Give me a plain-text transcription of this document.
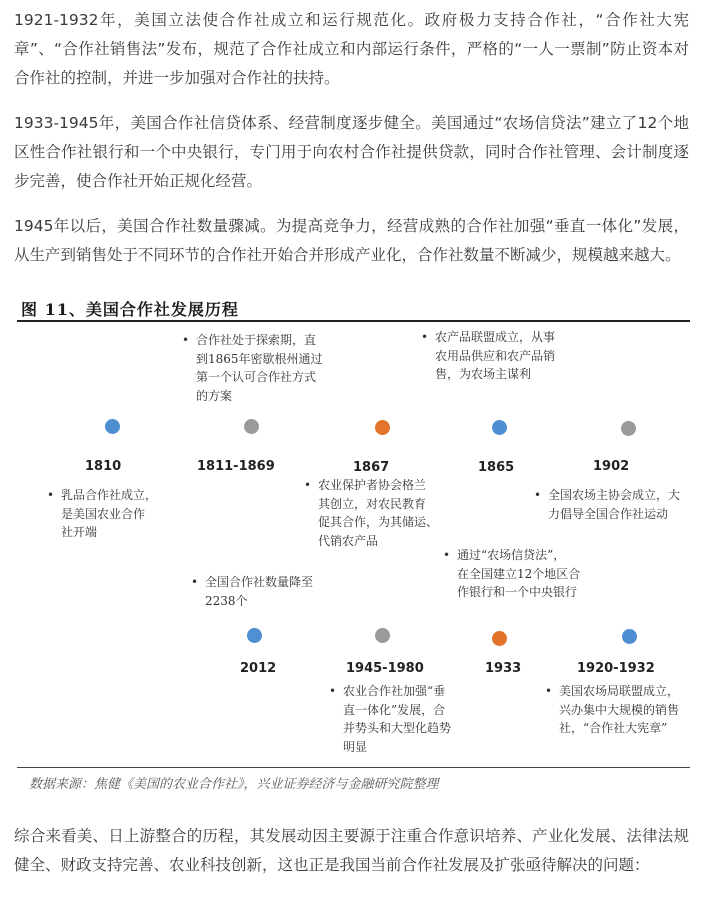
1921-1932年，美国立法使合作社成立和运行规范化。政府极力支持合作社，“合作社大宪章”、“合作社销售法”发布，规范了合作社成立和内部运行条件，严格的“一人一票制”防止资本对合作社的控制，并进一步加强对合作社的扶持。

1933-1945年，美国合作社信贷体系、经营制度逐步健全。美国通过“农场信贷法”建立了12个地区性合作社银行和一个中央银行，专门用于向农村合作社提供贷款，同时合作社管理、会计制度逐步完善，使合作社开始正规化经营。

1945年以后，美国合作社数量骤减。为提高竞争力，经营成熟的合作社加强“垂直一体化”发展，从生产到销售处于不同环节的合作社开始合并形成产业化，合作社数量不断减少，规模越来越大。

图 11、美国合作社发展历程
• 合作社处于探索期，直
到1865年密歇根州通过
第一个认可合作社方式
的方案
• 农产品联盟成立，从事
农用品供应和农产品销
售，为农场主谋利
1810	1811-1869	1867	1865	1902
• 乳品合作社成立，
是美国农业合作
社开端
• 农业保护者协会格兰
其创立，对农民教育
促其合作，为其储运、
代销农产品
• 全国农场主协会成立，大
力倡导全国合作社运动
• 通过“农场信贷法”，
在全国建立12个地区合
作银行和一个中央银行
• 全国合作社数量降至
2238个
2012	1945-1980	1933	1920-1932
• 农业合作社加强“垂
直一体化”发展，合
并势头和大型化趋势
明显
• 美国农场局联盟成立，
兴办集中大规模的销售
社，“合作社大宪章”
数据来源：焦健《美国的农业合作社》，兴业证券经济与金融研究院整理

综合来看美、日上游整合的历程，其发展动因主要源于注重合作意识培养、产业化发展、法律法规健全、财政支持完善、农业科技创新，这也正是我国当前合作社发展及扩张亟待解决的问题：
